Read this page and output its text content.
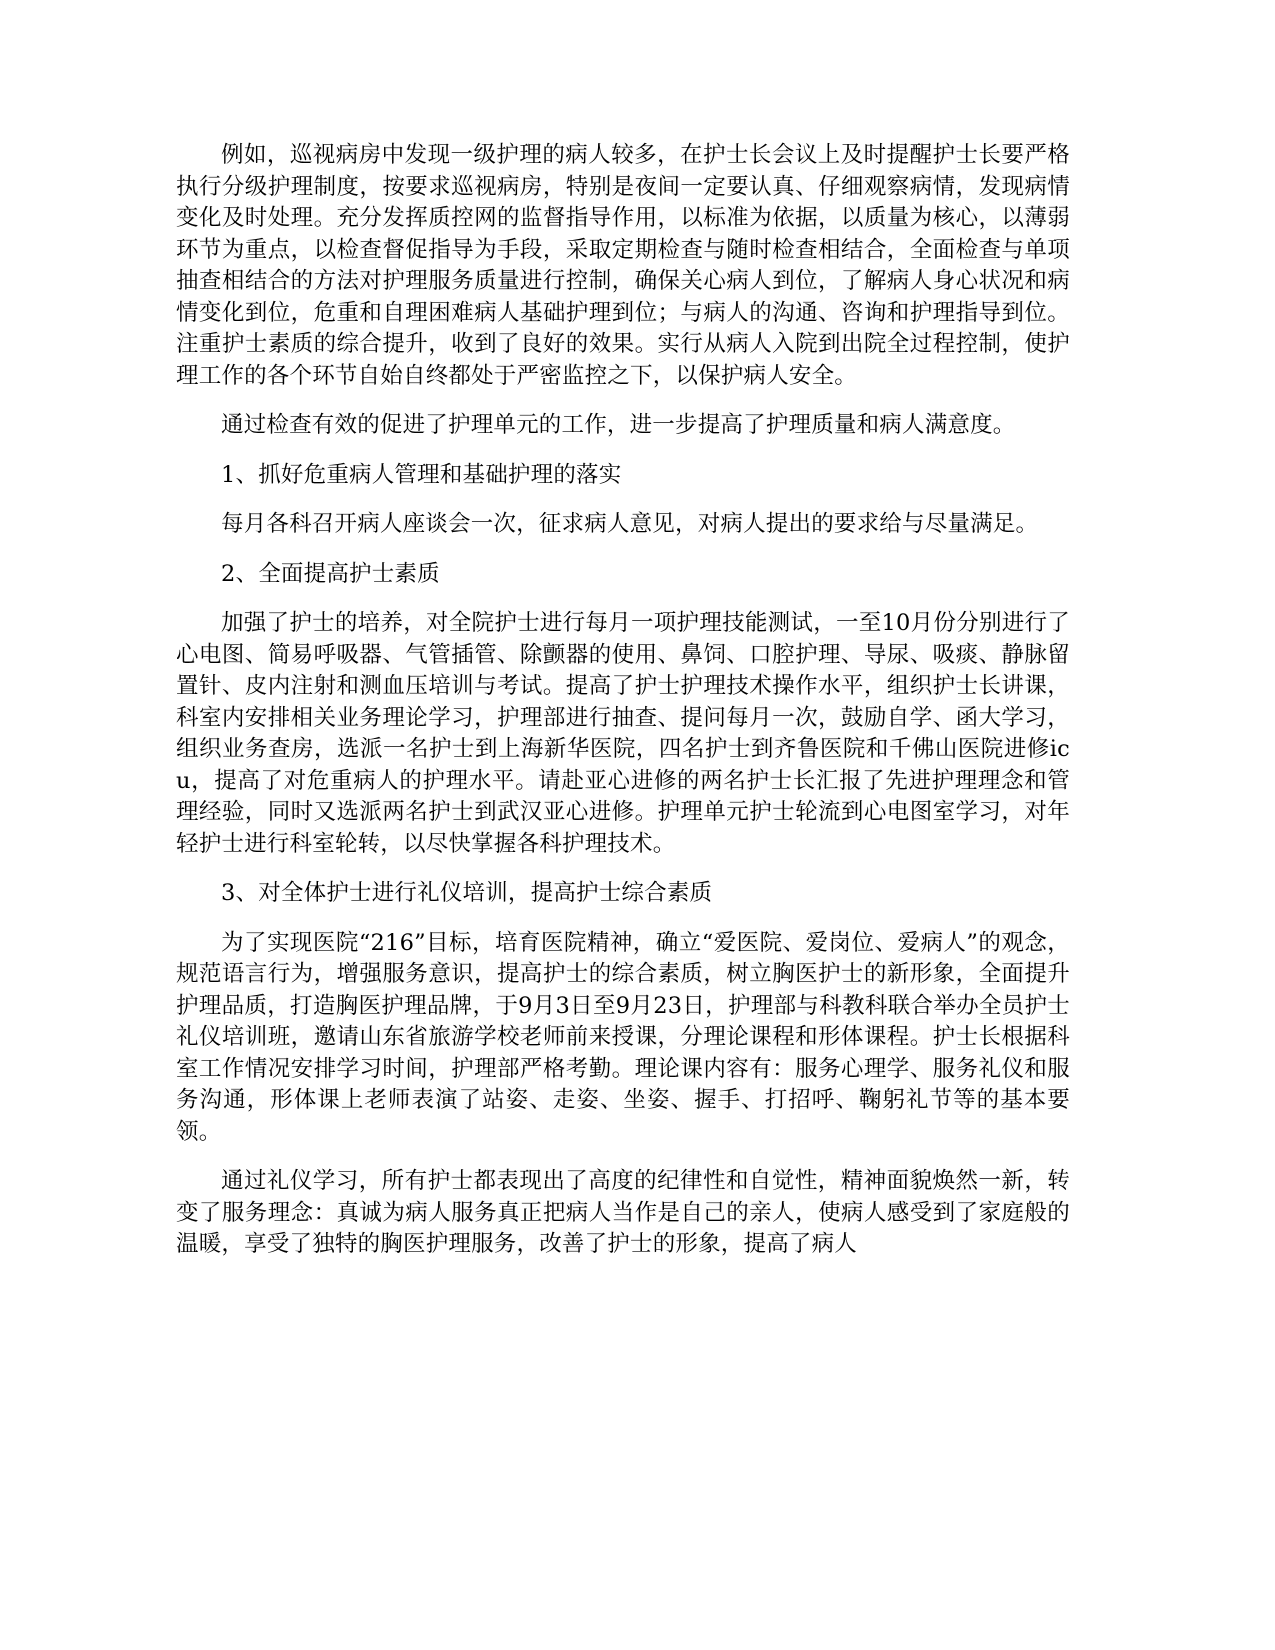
例如，巡视病房中发现一级护理的病人较多，在护士长会议上及时提醒护士长要严格执行分级护理制度，按要求巡视病房，特别是夜间一定要认真、仔细观察病情，发现病情变化及时处理。充分发挥质控网的监督指导作用，以标准为依据，以质量为核心，以薄弱环节为重点，以检查督促指导为手段，采取定期检查与随时检查相结合，全面检查与单项抽查相结合的方法对护理服务质量进行控制，确保关心病人到位，了解病人身心状况和病情变化到位，危重和自理困难病人基础护理到位；与病人的沟通、咨询和护理指导到位。注重护士素质的综合提升，收到了良好的效果。实行从病人入院到出院全过程控制，使护理工作的各个环节自始自终都处于严密监控之下，以保护病人安全。

通过检查有效的促进了护理单元的工作，进一步提高了护理质量和病人满意度。

1、抓好危重病人管理和基础护理的落实

每月各科召开病人座谈会一次，征求病人意见，对病人提出的要求给与尽量满足。

2、全面提高护士素质

加强了护士的培养，对全院护士进行每月一项护理技能测试，一至10月份分别进行了心电图、简易呼吸器、气管插管、除颤器的使用、鼻饲、口腔护理、导尿、吸痰、静脉留置针、皮内注射和测血压培训与考试。提高了护士护理技术操作水平，组织护士长讲课，科室内安排相关业务理论学习，护理部进行抽查、提问每月一次，鼓励自学、函大学习，组织业务查房，选派一名护士到上海新华医院，四名护士到齐鲁医院和千佛山医院进修icu，提高了对危重病人的护理水平。请赴亚心进修的两名护士长汇报了先进护理理念和管理经验，同时又选派两名护士到武汉亚心进修。护理单元护士轮流到心电图室学习，对年轻护士进行科室轮转，以尽快掌握各科护理技术。

3、对全体护士进行礼仪培训，提高护士综合素质

为了实现医院“216”目标，培育医院精神，确立“爱医院、爱岗位、爱病人”的观念，规范语言行为，增强服务意识，提高护士的综合素质，树立胸医护士的新形象，全面提升护理品质，打造胸医护理品牌，于9月3日至9月23日，护理部与科教科联合举办全员护士礼仪培训班，邀请山东省旅游学校老师前来授课，分理论课程和形体课程。护士长根据科室工作情况安排学习时间，护理部严格考勤。理论课内容有：服务心理学、服务礼仪和服务沟通，形体课上老师表演了站姿、走姿、坐姿、握手、打招呼、鞠躬礼节等的基本要领。

通过礼仪学习，所有护士都表现出了高度的纪律性和自觉性，精神面貌焕然一新，转变了服务理念：真诚为病人服务真正把病人当作是自己的亲人，使病人感受到了家庭般的温暖，享受了独特的胸医护理服务，改善了护士的形象，提高了病人
